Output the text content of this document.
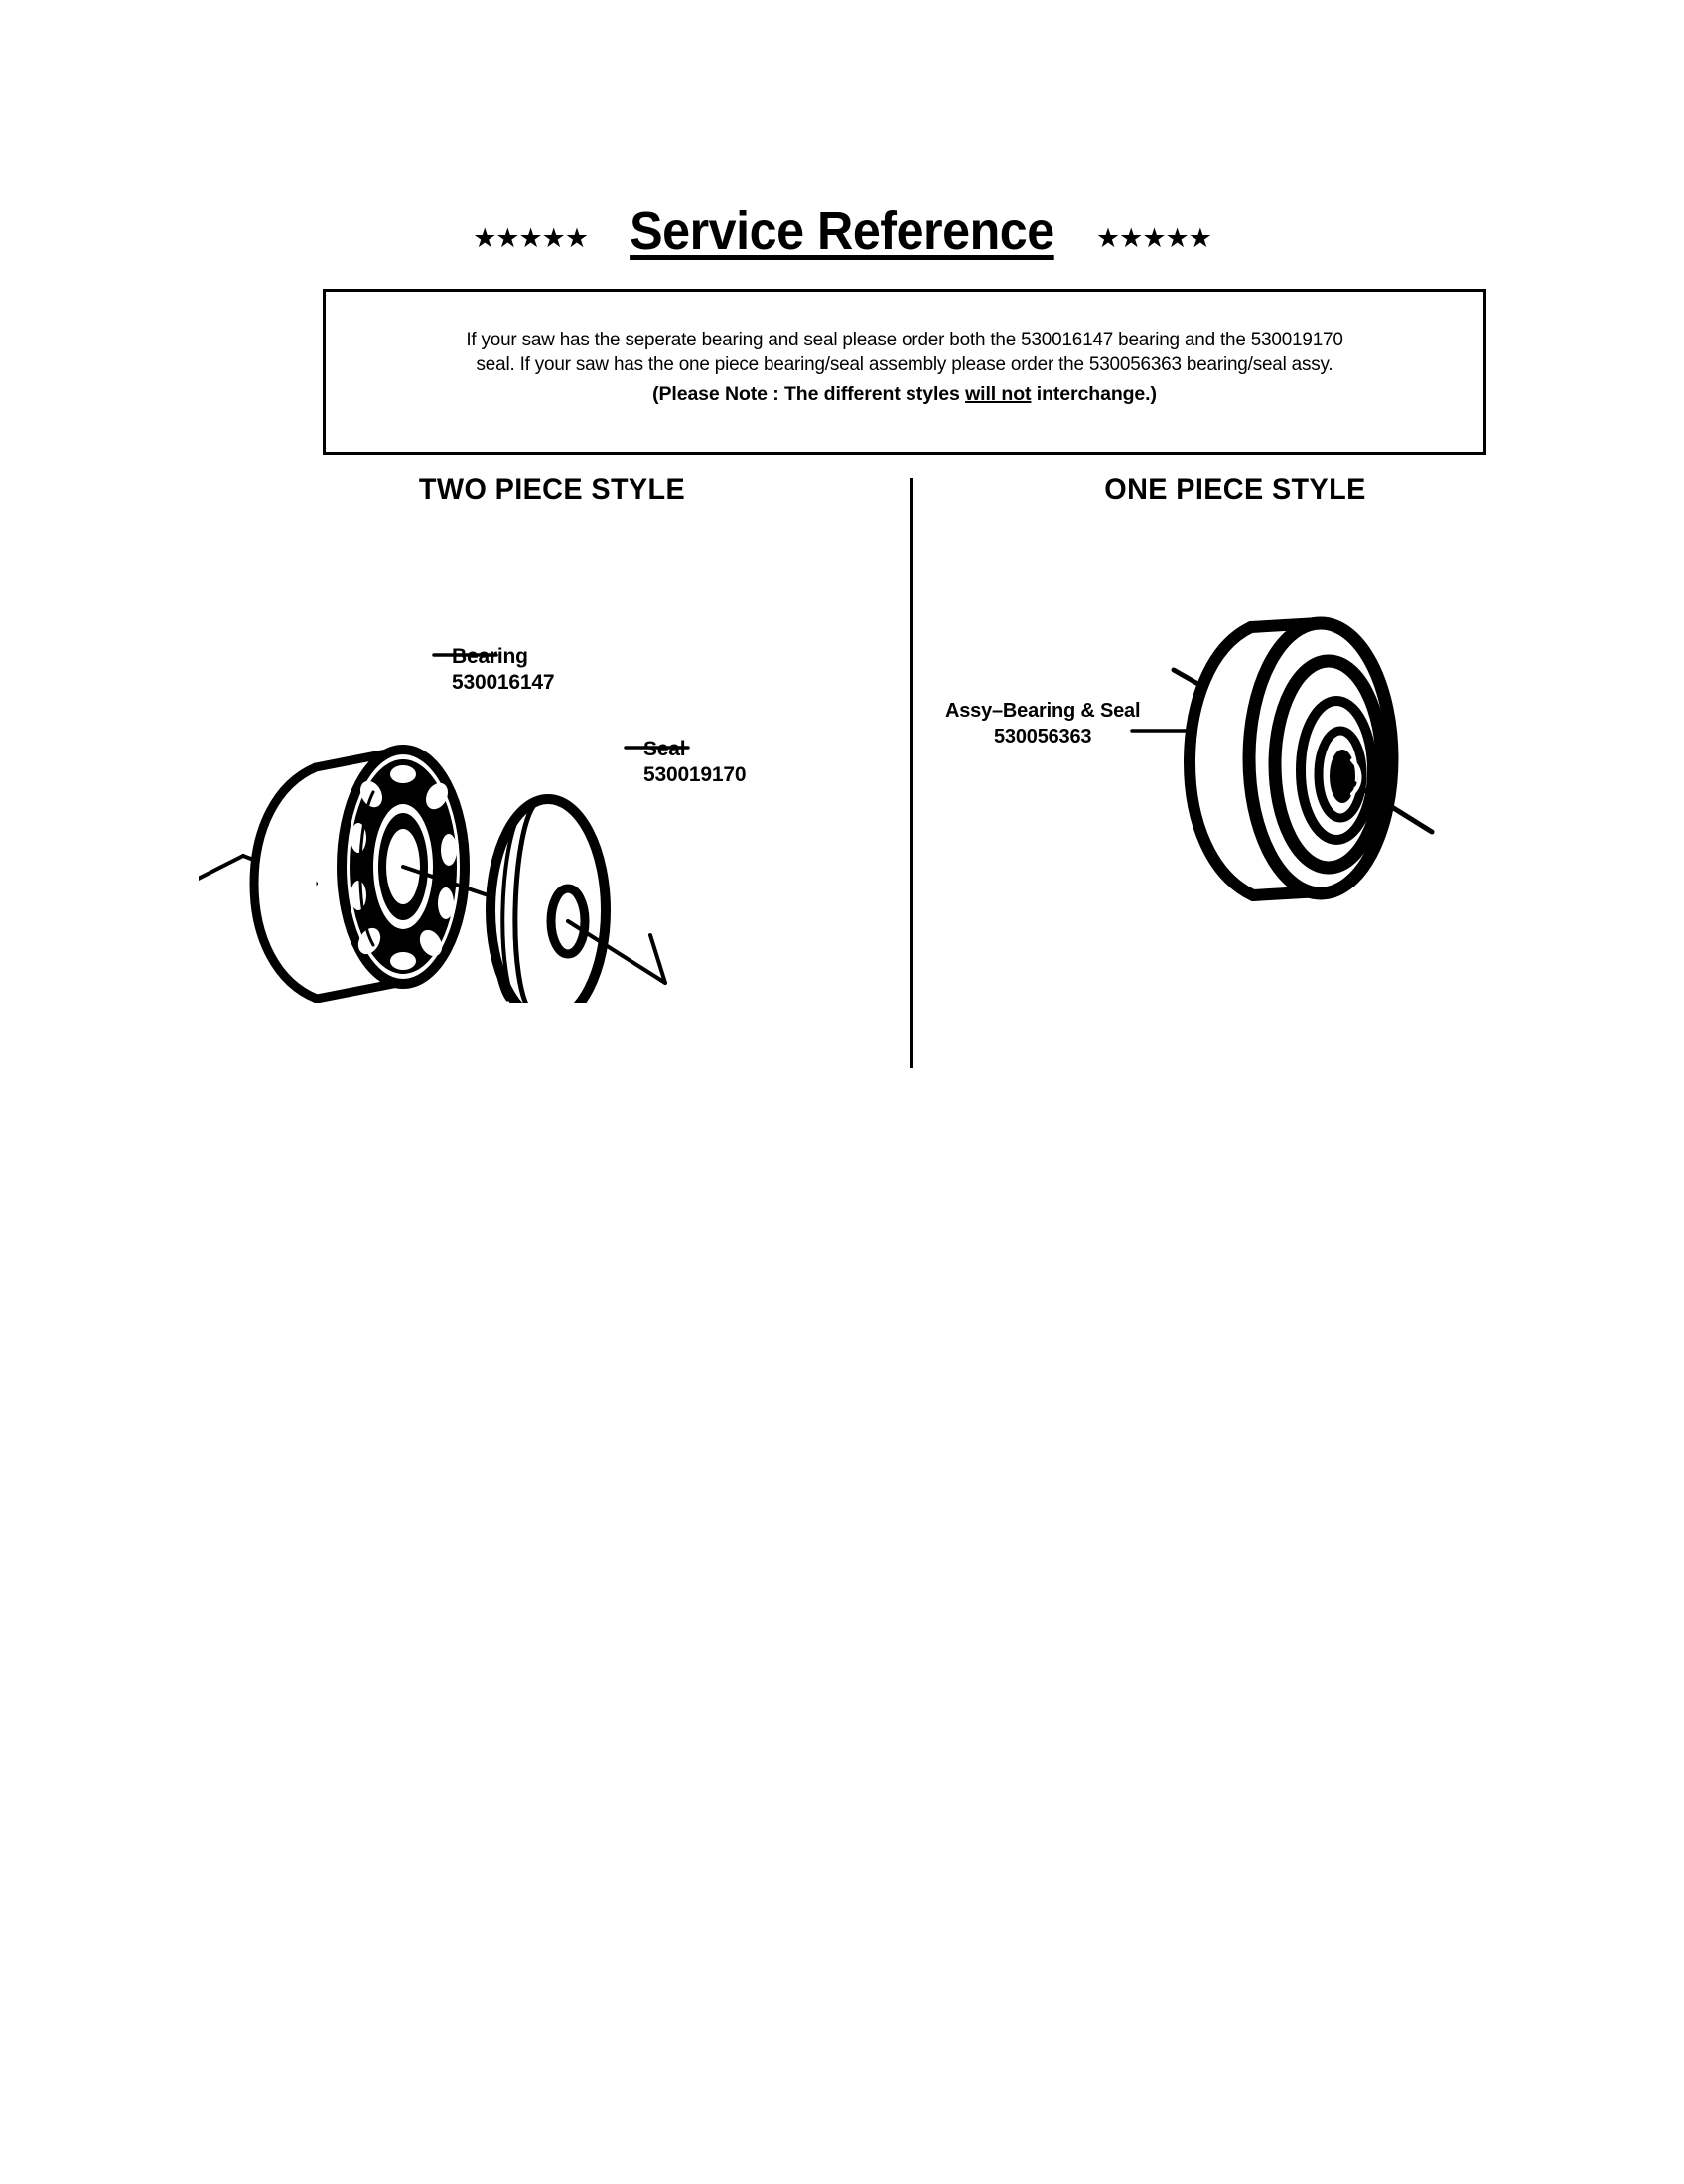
★★★★★ Service Reference ★★★★★
If your saw has the seperate bearing and seal please order both the 530016147 bearing and the 530019170
seal. If your saw has the one piece bearing/seal assembly please order the 530056363 bearing/seal assy.
(Please Note : The different styles will not interchange.)
TWO PIECE STYLE	ONE PIECE STYLE
Bearing
530016147
Seal
530019170
Assy–Bearing & Seal
530056363
